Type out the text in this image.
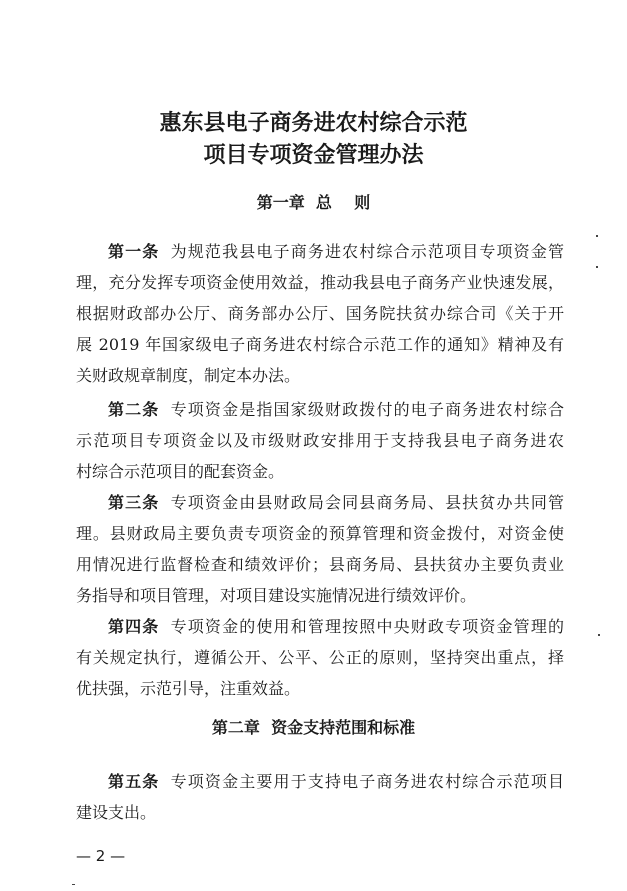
惠东县电子商务进农村综合示范
项目专项资金管理办法
第一章  总    则
第一条 为规范我县电子商务进农村综合示范项目专项资金管
理，充分发挥专项资金使用效益，推动我县电子商务产业快速发展，
根据财政部办公厅、商务部办公厅、国务院扶贫办综合司《关于开
展 2019 年国家级电子商务进农村综合示范工作的通知》精神及有
关财政规章制度，制定本办法。
第二条 专项资金是指国家级财政拨付的电子商务进农村综合
示范项目专项资金以及市级财政安排用于支持我县电子商务进农
村综合示范项目的配套资金。
第三条 专项资金由县财政局会同县商务局、县扶贫办共同管
理。县财政局主要负责专项资金的预算管理和资金拨付，对资金使
用情况进行监督检查和绩效评价；县商务局、县扶贫办主要负责业
务指导和项目管理，对项目建设实施情况进行绩效评价。
第四条 专项资金的使用和管理按照中央财政专项资金管理的
有关规定执行，遵循公开、公平、公正的原则，坚持突出重点，择
优扶强，示范引导，注重效益。
第二章  资金支持范围和标准
第五条 专项资金主要用于支持电子商务进农村综合示范项目
建设支出。
— 2 —
